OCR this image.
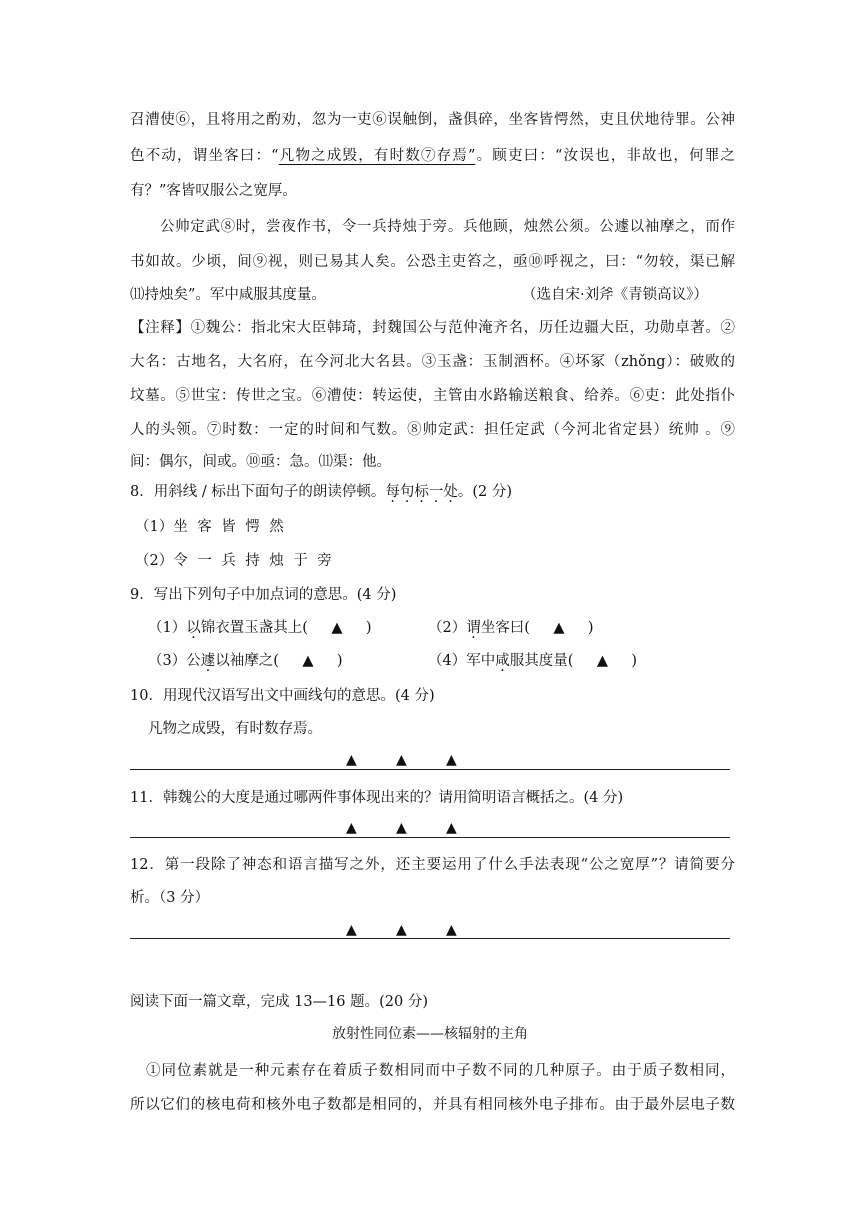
召漕使⑥，且将用之酌劝，忽为一吏⑥误触倒，盏俱碎，坐客皆愕然，吏且伏地待罪。公神
色不动，谓坐客曰：“凡物之成毁，有时数⑦存焉”。顾吏曰：“汝误也，非故也，何罪之
有？”客皆叹服公之宽厚。
公帅定武⑧时，尝夜作书，令一兵持烛于旁。兵他顾，烛然公须。公遽以袖摩之，而作
书如故。少顷，间⑨视，则已易其人矣。公恐主吏笞之，亟⑩呼视之，曰：“勿较，渠已解
⑾持烛矣”。军中咸服其度量。	（选自宋·刘斧《青锁高议》）
【注释】①魏公：指北宋大臣韩琦，封魏国公与范仲淹齐名，历任边疆大臣，功勋卓著。②
大名：古地名，大名府，在今河北大名县。③玉盏：玉制酒杯。④坏冢（zhǒng）：破败的
坟墓。⑤世宝：传世之宝。⑥漕使：转运使，主管由水路输送粮食、给养。⑥吏：此处指仆
人的头领。⑦时数：一定的时间和气数。⑧帅定武：担任定武（今河北省定县）统帅 。⑨
间：偶尔，间或。⑩亟：急。⑾渠：他。
8．用斜线 / 标出下面句子的朗读停顿。每句标一处。(2 分)
（1）坐 客 皆 愕 然
（2）令 一 兵 持 烛 于 旁
9．写出下列句子中加点词的意思。(4 分)
（1）以锦衣置玉盏其上( ▲ )	（2）谓坐客曰( ▲ )
（3）公遽以袖摩之( ▲ )	（4）军中咸服其度量( ▲ )
10．用现代汉语写出文中画线句的意思。(4 分)
凡物之成毁，有时数存焉。
▲	▲	▲
11．韩魏公的大度是通过哪两件事体现出来的？请用简明语言概括之。(4 分)
▲	▲	▲
12．第一段除了神态和语言描写之外，还主要运用了什么手法表现“公之宽厚”？请简要分
析。（3 分）
▲	▲	▲
阅读下面一篇文章，完成 13—16 题。(20 分)
放射性同位素——核辐射的主角
①同位素就是一种元素存在着质子数相同而中子数不同的几种原子。由于质子数相同，
所以它们的核电荷和核外电子数都是相同的，并具有相同核外电子排布。由于最外层电子数
